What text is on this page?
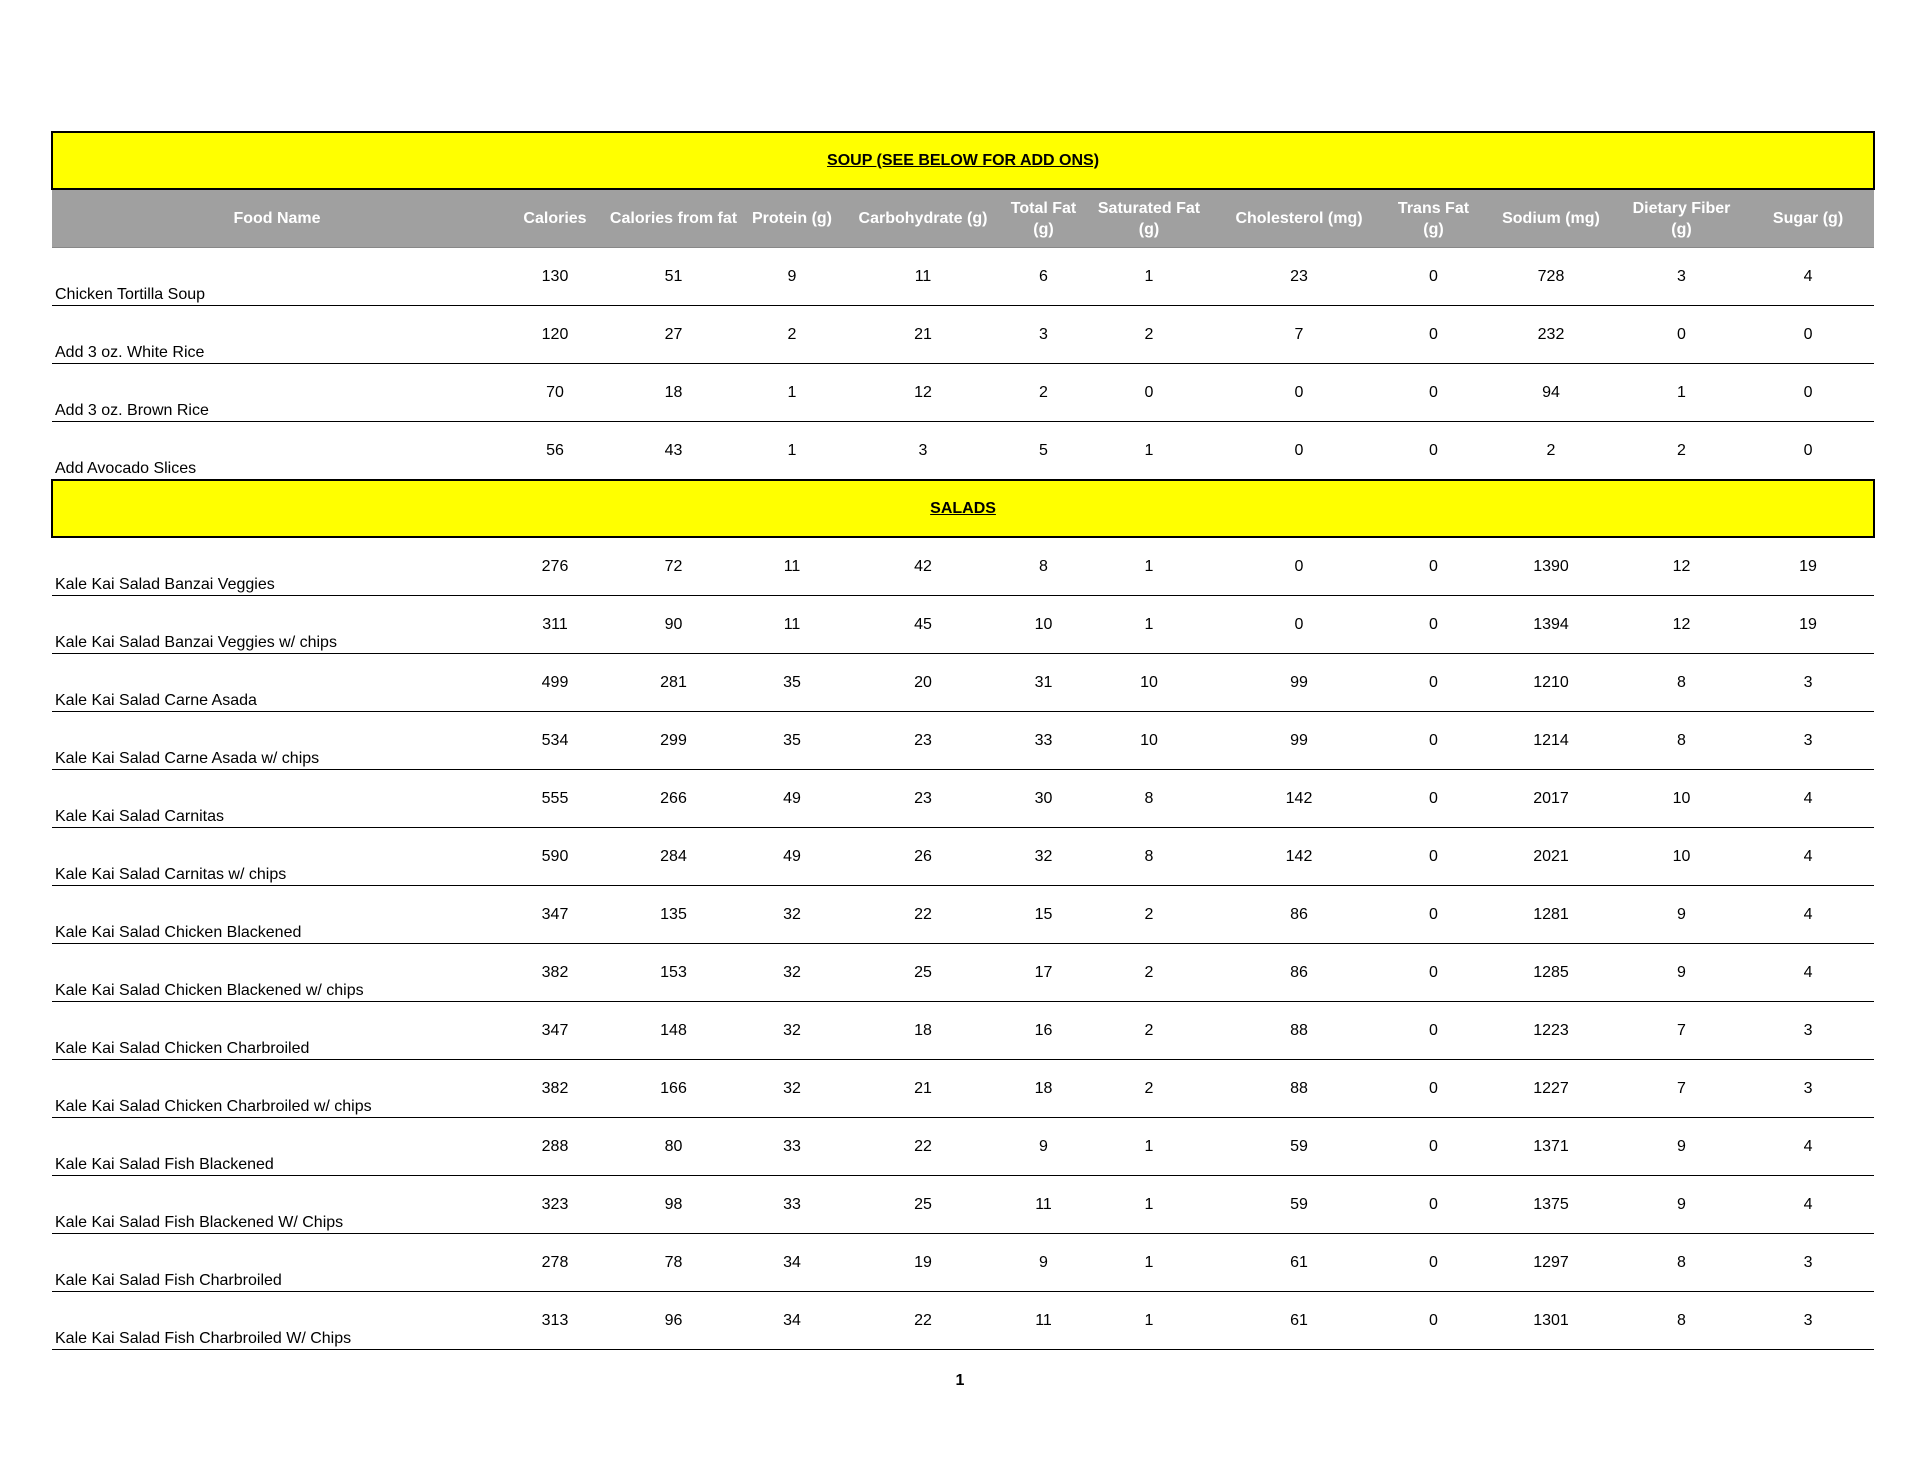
SOUP (SEE BELOW FOR ADD ONS)											
Food Name	Calories	Calories from fat	Protein (g)	Carbohydrate (g)	Total Fat (g)	Saturated Fat (g)	Cholesterol (mg)	Trans Fat (g)	Sodium (mg)	Dietary Fiber (g)	Sugar (g)
Chicken Tortilla Soup	130	51	9	11	6	1	23	0	728	3	4

Add 3 oz. White Rice	120	27	2	21	3	2	7	0	232	0	0

Add 3 oz. Brown Rice	70	18	1	12	2	0	0	0	94	1	0

Add Avocado Slices	56	43	1	3	5	1	0	0	2	2	0

SALADS											
Kale Kai Salad Banzai Veggies	276	72	11	42	8	1	0	0	1390	12	19

Kale Kai Salad Banzai Veggies w/ chips	311	90	11	45	10	1	0	0	1394	12	19

Kale Kai Salad Carne Asada	499	281	35	20	31	10	99	0	1210	8	3

Kale Kai Salad Carne Asada w/ chips	534	299	35	23	33	10	99	0	1214	8	3

Kale Kai Salad Carnitas	555	266	49	23	30	8	142	0	2017	10	4

Kale Kai Salad Carnitas w/ chips	590	284	49	26	32	8	142	0	2021	10	4

Kale Kai Salad Chicken Blackened	347	135	32	22	15	2	86	0	1281	9	4

Kale Kai Salad Chicken Blackened w/ chips	382	153	32	25	17	2	86	0	1285	9	4

Kale Kai Salad Chicken Charbroiled	347	148	32	18	16	2	88	0	1223	7	3

Kale Kai Salad Chicken Charbroiled w/ chips	382	166	32	21	18	2	88	0	1227	7	3

Kale Kai Salad Fish Blackened	288	80	33	22	9	1	59	0	1371	9	4

Kale Kai Salad Fish Blackened W/ Chips	323	98	33	25	11	1	59	0	1375	9	4

Kale Kai Salad Fish Charbroiled	278	78	34	19	9	1	61	0	1297	8	3

Kale Kai Salad Fish Charbroiled W/ Chips	313	96	34	22	11	1	61	0	1301	8	3
1
